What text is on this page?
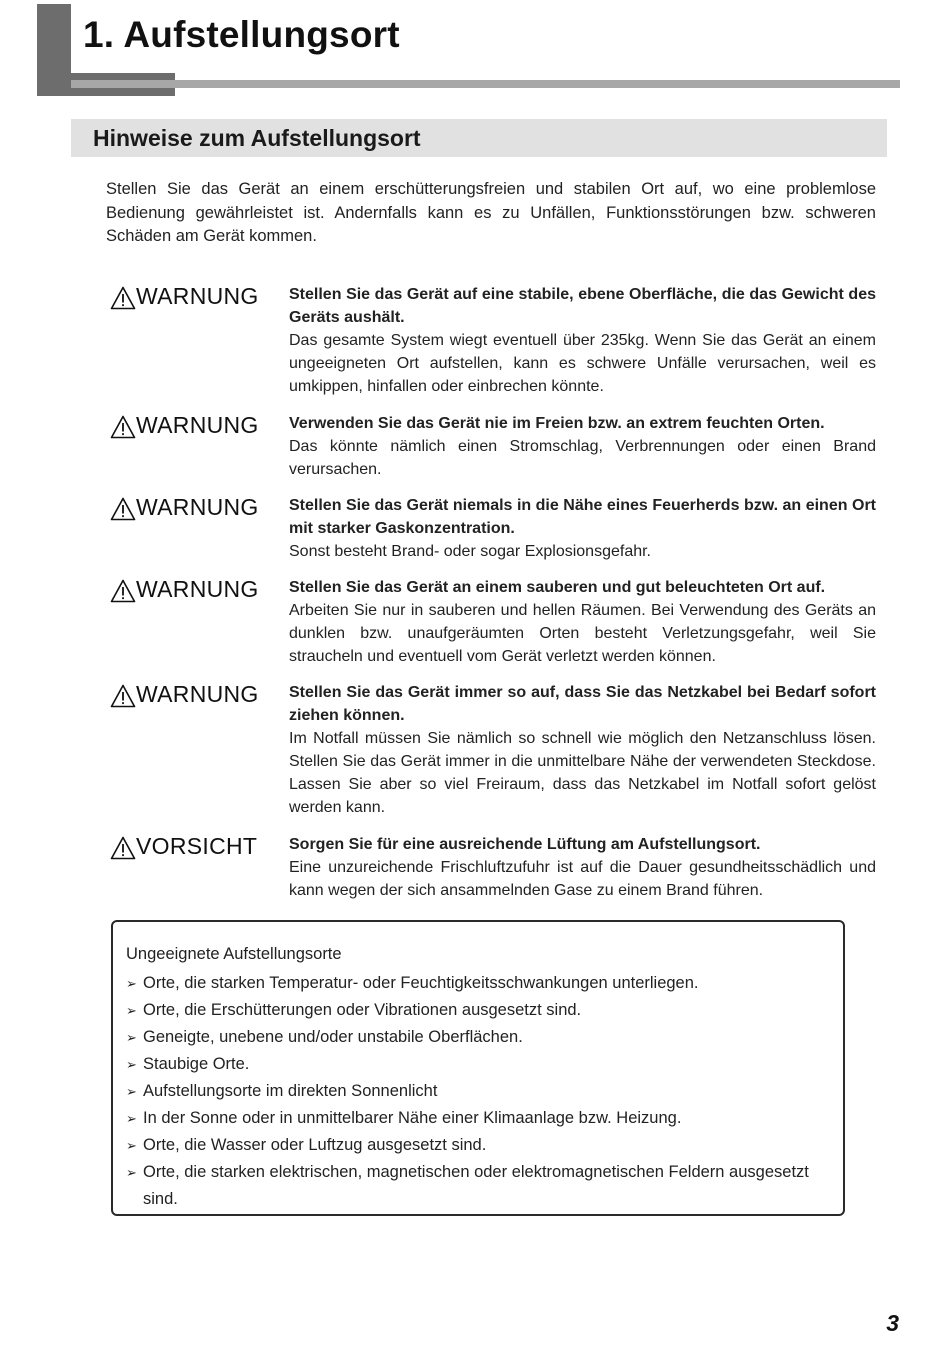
1. Aufstellungsort
Hinweise zum Aufstellungsort

Stellen Sie das Gerät an einem erschütterungsfreien und stabilen Ort auf, wo eine problemlose Bedienung gewährleistet ist. Andernfalls kann es zu Unfällen, Funktionsstörungen bzw. schweren Schäden am Gerät kommen.

WARNUNG Stellen Sie das Gerät auf eine stabile, ebene Oberfläche, die das Gewicht des Geräts aushält.
Das gesamte System wiegt eventuell über 235kg. Wenn Sie das Gerät an einem ungeeigneten Ort aufstellen, kann es schwere Unfälle verursachen, weil es umkippen, hinfallen oder einbrechen könnte.
WARNUNG Verwenden Sie das Gerät nie im Freien bzw. an extrem feuchten Orten.
Das könnte nämlich einen Stromschlag, Verbrennungen oder einen Brand verursachen.
WARNUNG Stellen Sie das Gerät niemals in die Nähe eines Feuerherds bzw. an einen Ort mit starker Gaskonzentration.
Sonst besteht Brand- oder sogar Explosionsgefahr.
WARNUNG Stellen Sie das Gerät an einem sauberen und gut beleuchteten Ort auf.
Arbeiten Sie nur in sauberen und hellen Räumen. Bei Verwendung des Geräts an dunklen bzw. unaufgeräumten Orten besteht Verletzungsgefahr, weil Sie straucheln und eventuell vom Gerät verletzt werden können.
WARNUNG Stellen Sie das Gerät immer so auf, dass Sie das Netzkabel bei Bedarf sofort ziehen können.
Im Notfall müssen Sie nämlich so schnell wie möglich den Netzanschluss lösen. Stellen Sie das Gerät immer in die unmittelbare Nähe der verwendeten Steckdose. Lassen Sie aber so viel Freiraum, dass das Netzkabel im Notfall sofort gelöst werden kann.
VORSICHT Sorgen Sie für eine ausreichende Lüftung am Aufstellungsort.
Eine unzureichende Frischluftzufuhr ist auf die Dauer gesundheitsschädlich und kann wegen der sich ansammelnden Gase zu einem Brand führen.

Ungeeignete Aufstellungsorte

➢ Orte, die starken Temperatur- oder Feuchtigkeitsschwankungen unterliegen.
➢ Orte, die Erschütterungen oder Vibrationen ausgesetzt sind.
➢ Geneigte, unebene und/oder unstabile Oberflächen.
➢ Staubige Orte.
➢ Aufstellungsorte im direkten Sonnenlicht
➢ In der Sonne oder in unmittelbarer Nähe einer Klimaanlage bzw. Heizung.
➢ Orte, die Wasser oder Luftzug ausgesetzt sind.
➢ Orte, die starken elektrischen, magnetischen oder elektromagnetischen Feldern ausgesetzt sind.
3
